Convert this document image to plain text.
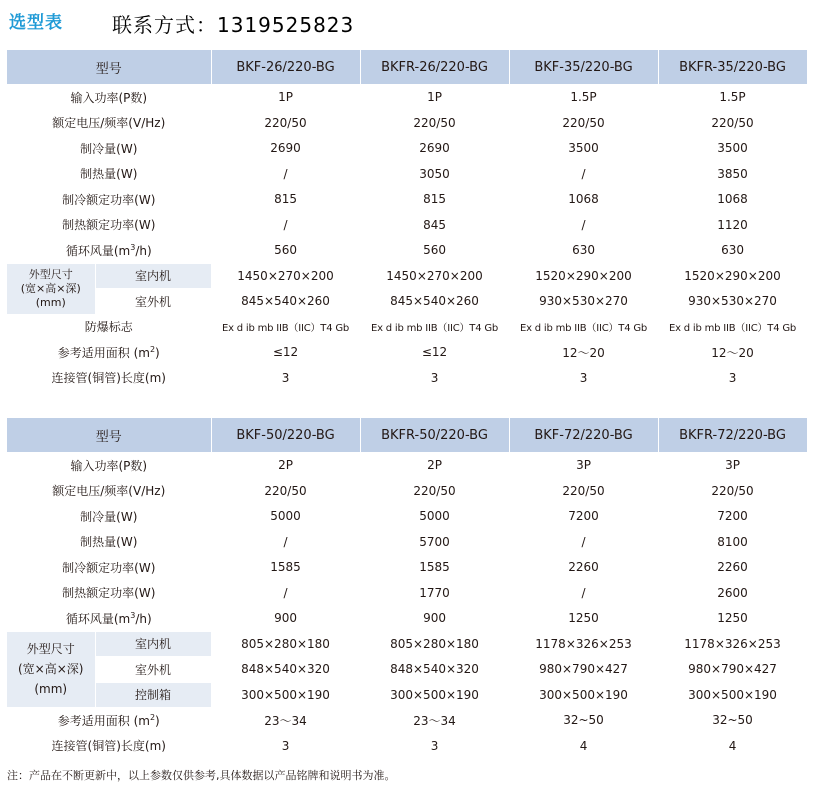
选型表 联系方式：1319525823
型号		BKF-26/220-BG	BKFR-26/220-BG	BKF-35/220-BG	BKFR-35/220-BG
输入功率(P数)		1P	1P	1.5P	1.5P
额定电压/频率(V/Hz)		220/50	220/50	220/50	220/50
制冷量(W)		2690	2690	3500	3500
制热量(W)		/	3050	/	3850
制冷额定功率(W)		815	815	1068	1068
制热额定功率(W)		/	845	/	1120
循环风量$(m^3/h)$		560	560	630	630

外型尺寸
(宽×高×深)
(mm)	室内机	1450×270×200	1450×270×200	1520×290×200	1520×290×200
	室外机	845×540×260	845×540×260	930×530×270	930×530×270
防爆标志		Ex d ib mb IIB（IIC）T4 Gb	Ex d ib mb IIB（IIC）T4 Gb	Ex d ib mb IIB（IIC）T4 Gb	Ex d ib mb IIB（IIC）T4 Gb
参考适用面积 $(m^2)$		≤12	≤12	12～20	12～20
连接管(铜管)长度(m)		3	3	3	3
型号		BKF-50/220-BG	BKFR-50/220-BG	BKF-72/220-BG	BKFR-72/220-BG
输入功率(P数)		2P	2P	3P	3P
额定电压/频率(V/Hz)		220/50	220/50	220/50	220/50
制冷量(W)		5000	5000	7200	7200
制热量(W)		/	5700	/	8100
制冷额定功率(W)		1585	1585	2260	2260
制热额定功率(W)		/	1770	/	2600
循环风量$(m^3/h)$		900	900	1250	1250

外型尺寸
(宽×高×深)
(mm)	室内机	805×280×180	805×280×180	1178×326×253	1178×326×253
	室外机	848×540×320	848×540×320	980×790×427	980×790×427
	控制箱	300×500×190	300×500×190	300×500×190	300×500×190
参考适用面积 $(m^2)$		23～34	23～34	32~50	32~50
连接管(铜管)长度(m)		3	3	4	4
注：产品在不断更新中，以上参数仅供参考,具体数据以产品铭牌和说明书为准。
